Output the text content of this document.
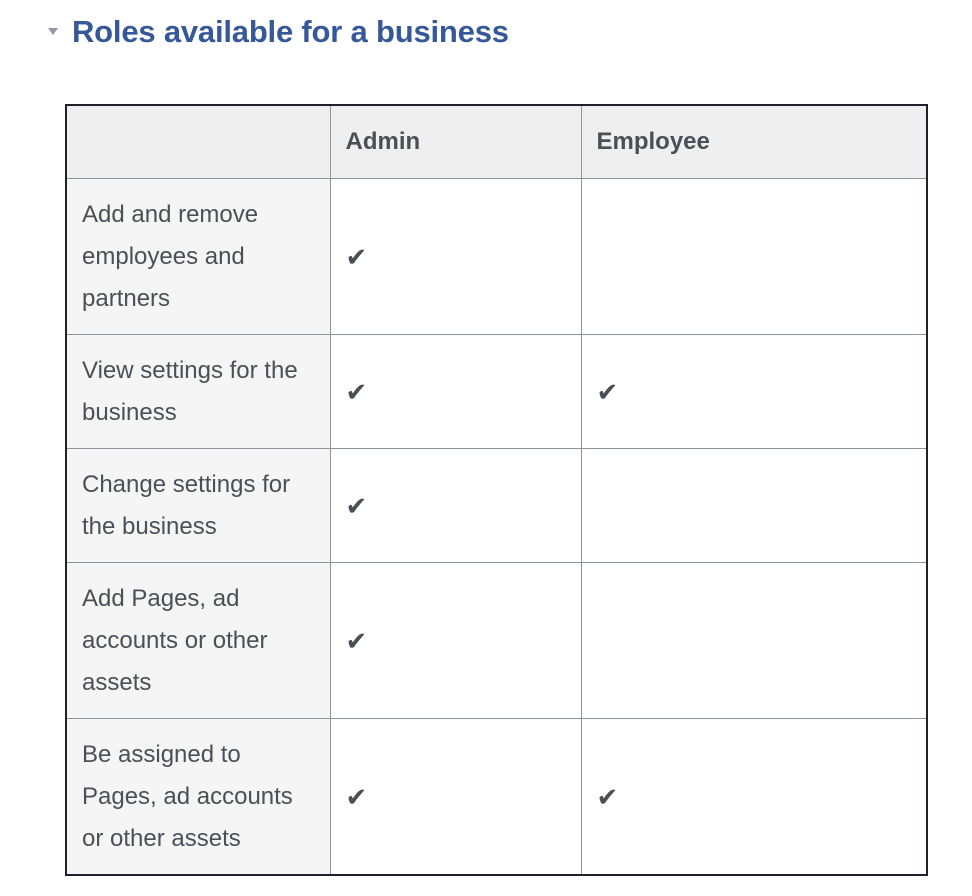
Roles available for a business
	Admin	Employee
Add and remove employees and partners	✔	
View settings for the business	✔	✔
Change settings for the business	✔	
Add Pages, ad accounts or other assets	✔	
Be assigned to Pages, ad accounts or other assets	✔	✔
